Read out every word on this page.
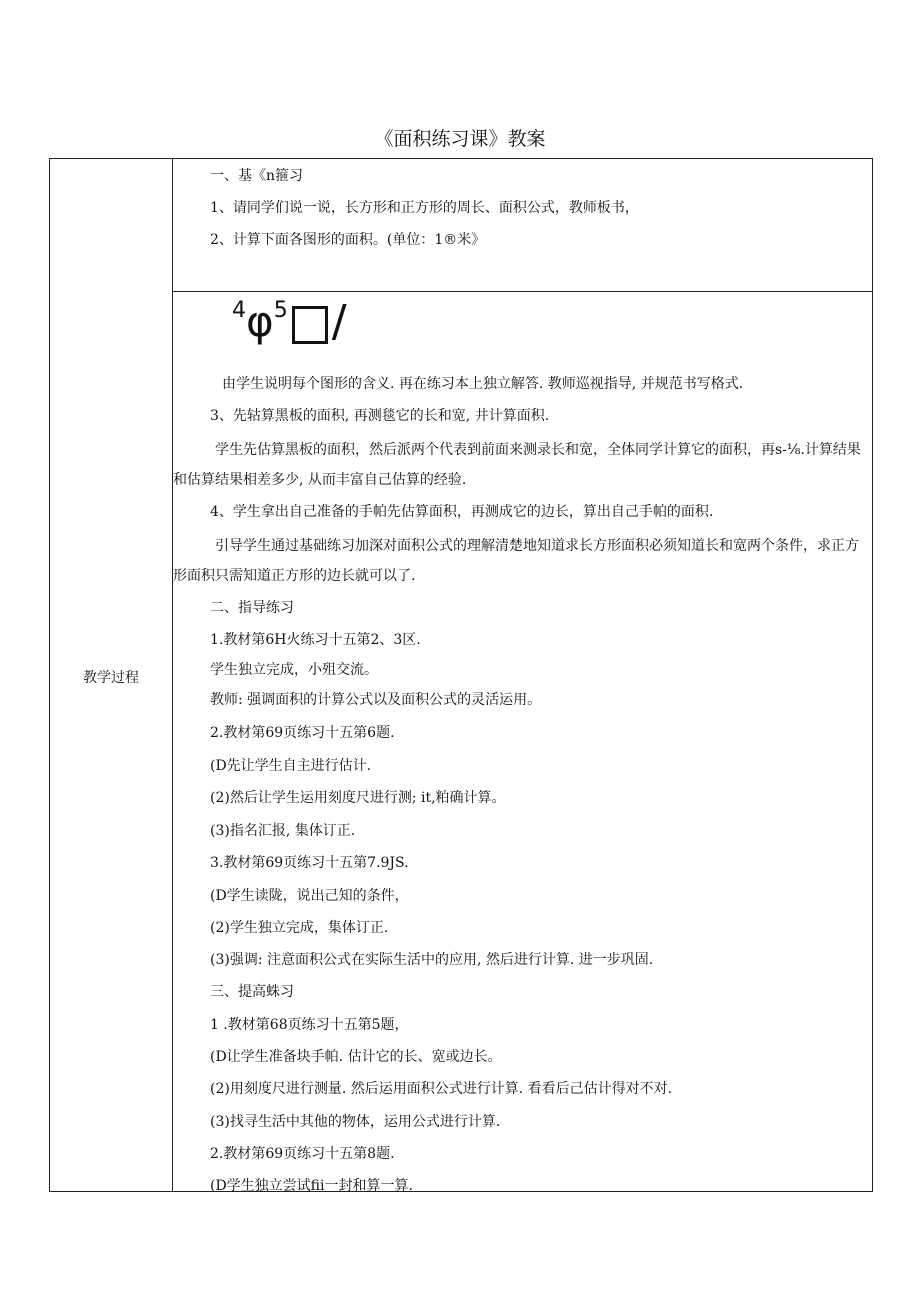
《面积练习课》教案
教学过程
一、基《n箍习
1、请同学们说一说，长方形和正方形的周长、面积公式，教师板书，
2、计算下面各图形的面积。(单位：1®米》
4 φ 5 /
由学生说明每个图形的含义. 再在练习本上独立解答. 教师巡视指导, 并规范书写格式.
3、先轱算黑板的面积, 再测毯它的长和宽, 井计算面积.
学生先估算黑板的面积，然后派两个代表到前面来测录长和宽，全体同学计算它的面积，再s-⅛.计算结果和估算结果相差多少, 从而丰富自己估算的经验.
4、学生拿出自己准备的手帕先估算面积，再测成它的边长，算出自己手帕的面积.
引导学生通过基础练习加深对面积公式的理解清楚地知道求长方形面积必须知道长和宽两个条件，求正方形面积只需知道正方形的边长就可以了.
二、指导练习
1.教材第6H火练习十五第2、3区.
学生独立完成，小殂交流。
教师: 强调面积的计算公式以及面积公式的灵活运用。
2.教材第69页练习十五第6题.
(D先让学生自主进行估计.
(2)然后让学生运用刻度尺进行测; it,粕确计算。
(3)指名汇报, 集体订正.
3.教材第69页练习十五第7.9JS.
(D学生读陇，说出己知的条件，
(2)学生独立完成，集体订正.
(3)强调: 注意面积公式在实际生活中的应用, 然后进行计算. 进一步巩固.
三、提高蛛习
1 .教材第68页练习十五第5题，
(D让学生准备块手帕. 估计它的长、宽或边长。
(2)用刻度尺进行测量. 然后运用面积公式进行计算. 看看后己估计得对不对.
(3)找寻生活中其他的物体，运用公式进行计算.
2.教材第69页练习十五第8题.
(D学生独立尝试fii一封和算一算.
